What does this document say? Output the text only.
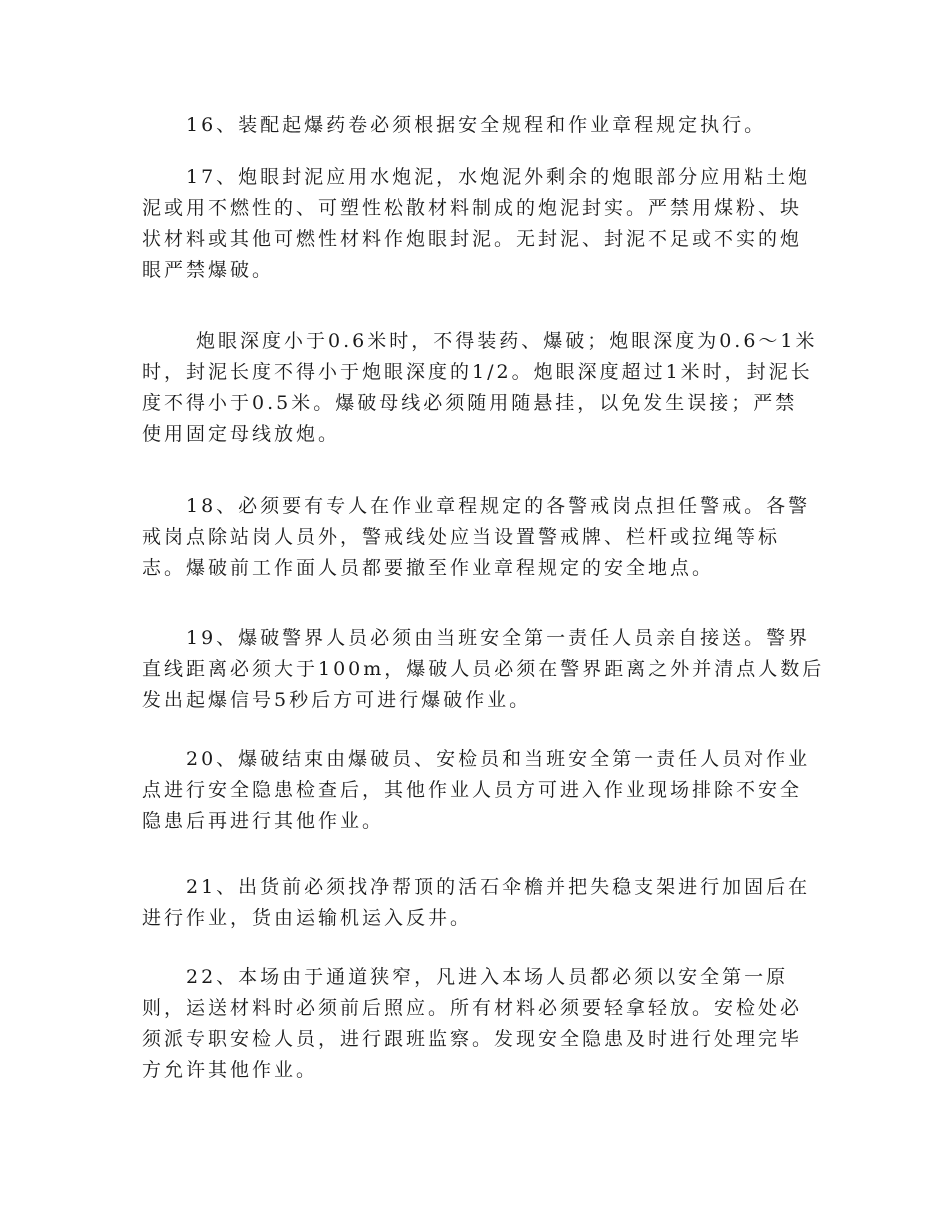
16、装配起爆药卷必须根据安全规程和作业章程规定执行。
17、炮眼封泥应用水炮泥，水炮泥外剩余的炮眼部分应用粘土炮
泥或用不燃性的、可塑性松散材料制成的炮泥封实。严禁用煤粉、块
状材料或其他可燃性材料作炮眼封泥。无封泥、封泥不足或不实的炮
眼严禁爆破。
炮眼深度小于0.6米时，不得装药、爆破；炮眼深度为0.6～1米
时，封泥长度不得小于炮眼深度的1/2。炮眼深度超过1米时，封泥长
度不得小于0.5米。爆破母线必须随用随悬挂，以免发生误接；严禁
使用固定母线放炮。
18、必须要有专人在作业章程规定的各警戒岗点担任警戒。各警
戒岗点除站岗人员外，警戒线处应当设置警戒牌、栏杆或拉绳等标
志。爆破前工作面人员都要撤至作业章程规定的安全地点。
19、爆破警界人员必须由当班安全第一责任人员亲自接送。警界
直线距离必须大于100m，爆破人员必须在警界距离之外并清点人数后
发出起爆信号5秒后方可进行爆破作业。
20、爆破结束由爆破员、安检员和当班安全第一责任人员对作业
点进行安全隐患检查后，其他作业人员方可进入作业现场排除不安全
隐患后再进行其他作业。
21、出货前必须找净帮顶的活石伞檐并把失稳支架进行加固后在
进行作业，货由运输机运入反井。
22、本场由于通道狭窄，凡进入本场人员都必须以安全第一原
则，运送材料时必须前后照应。所有材料必须要轻拿轻放。安检处必
须派专职安检人员，进行跟班监察。发现安全隐患及时进行处理完毕
方允许其他作业。
